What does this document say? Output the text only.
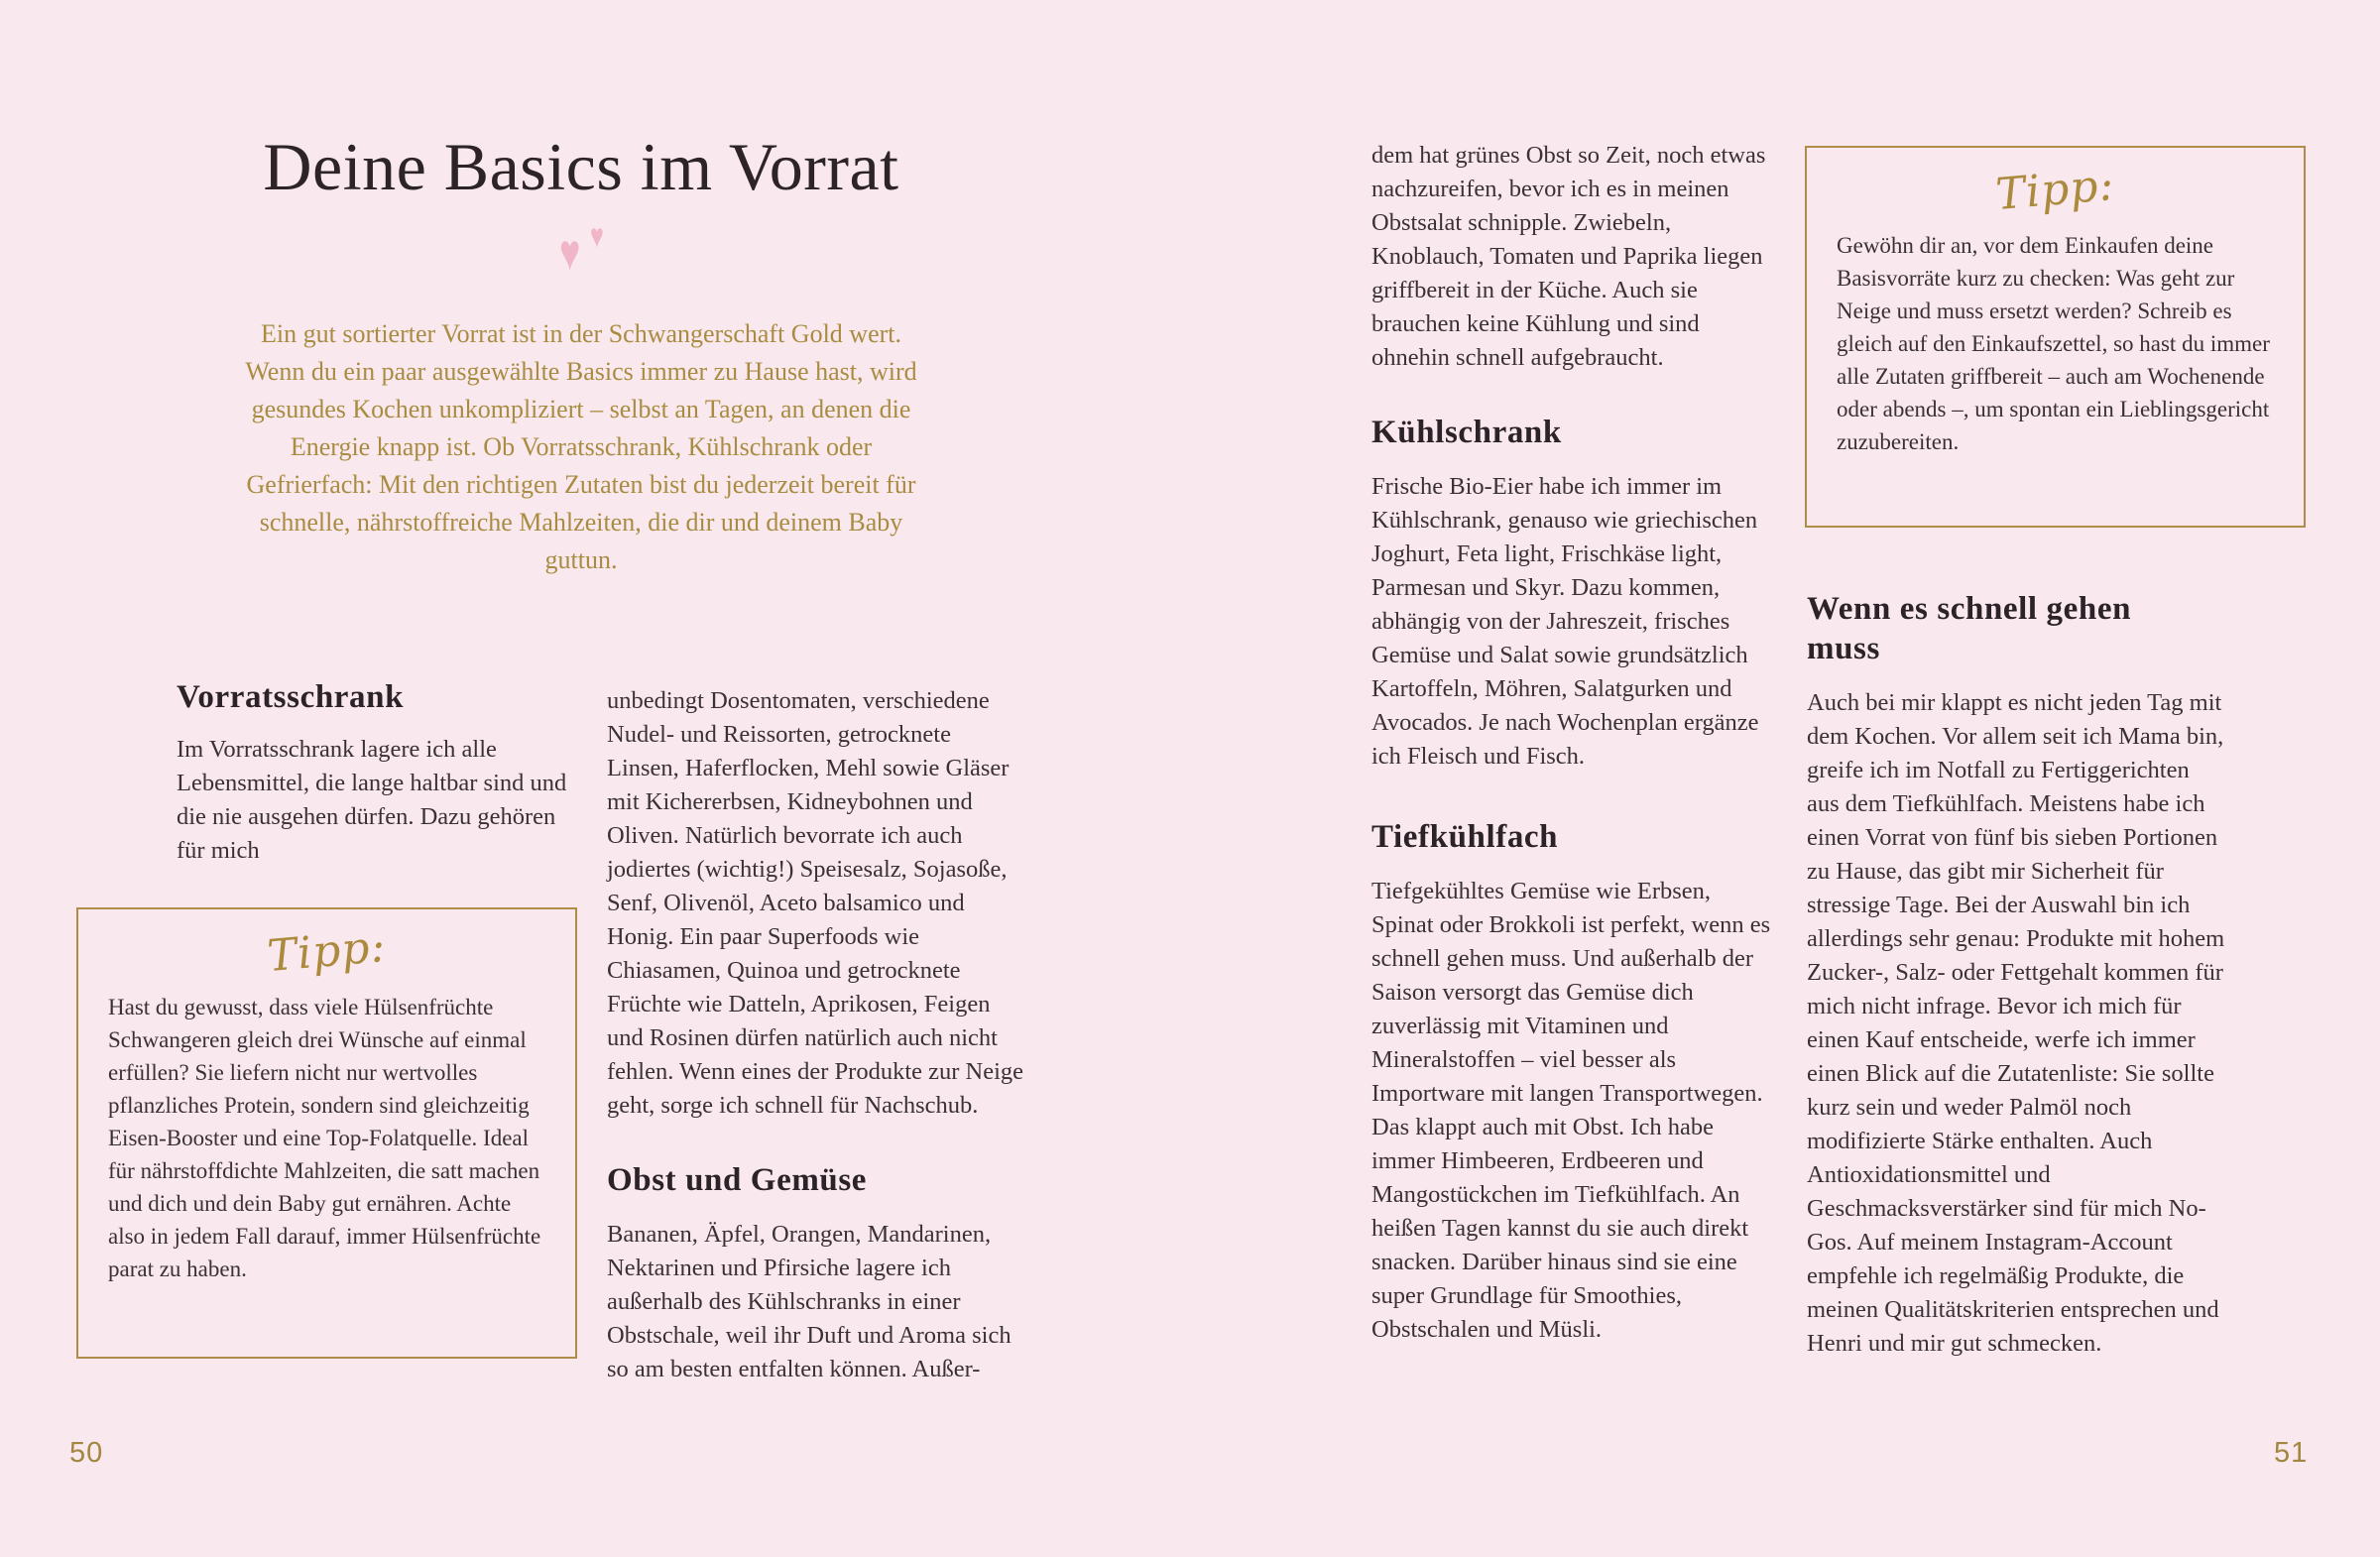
Deine Basics im Vorrat
♥ ♥
Ein gut sortierter Vorrat ist in der Schwangerschaft Gold wert. Wenn du ein paar ausgewählte Basics immer zu Hause hast, wird gesundes Kochen unkompliziert – selbst an Tagen, an denen die Energie knapp ist. Ob Vorratsschrank, Kühlschrank oder Gefrierfach: Mit den richtigen Zutaten bist du jederzeit bereit für schnelle, nährstoffreiche Mahlzeiten, die dir und deinem Baby guttun.
Vorratsschrank

Im Vorratsschrank lagere ich alle Lebensmittel, die lange haltbar sind und die nie ausgehen dürfen. Dazu gehören für mich

unbedingt Dosentomaten, verschiedene Nudel- und Reissorten, getrocknete Linsen, Haferflocken, Mehl sowie Gläser mit Kichererbsen, Kidneybohnen und Oliven. Natürlich bevorrate ich auch jodiertes (wichtig!) Speisesalz, Sojasoße, Senf, Olivenöl, Aceto balsamico und Honig. Ein paar Superfoods wie Chiasamen, Quinoa und getrocknete Früchte wie Datteln, Aprikosen, Feigen und Rosinen dürfen natürlich auch nicht fehlen. Wenn eines der Produkte zur Neige geht, sorge ich schnell für Nachschub.

Obst und Gemüse

Bananen, Äpfel, Orangen, Mandarinen, Nektarinen und Pfirsiche lagere ich außerhalb des Kühlschranks in einer Obstschale, weil ihr Duft und Aroma sich so am besten entfalten können. Außer-

Tipp:

Hast du gewusst, dass viele Hülsenfrüchte Schwangeren gleich drei Wünsche auf einmal erfüllen? Sie liefern nicht nur wertvolles pflanzliches Protein, sondern sind gleichzeitig Eisen-Booster und eine Top-Folatquelle. Ideal für nährstoffdichte Mahlzeiten, die satt machen und dich und dein Baby gut ernähren. Achte also in jedem Fall darauf, immer Hülsenfrüchte parat zu haben.

50

dem hat grünes Obst so Zeit, noch etwas nachzureifen, bevor ich es in meinen Obstsalat schnipple. Zwiebeln, Knoblauch, Tomaten und Paprika liegen griffbereit in der Küche. Auch sie brauchen keine Kühlung und sind ohnehin schnell aufgebraucht.

Kühlschrank

Frische Bio-Eier habe ich immer im Kühlschrank, genauso wie griechischen Joghurt, Feta light, Frischkäse light, Parmesan und Skyr. Dazu kommen, abhängig von der Jahreszeit, frisches Gemüse und Salat sowie grundsätzlich Kartoffeln, Möhren, Salatgurken und Avocados. Je nach Wochenplan ergänze ich Fleisch und Fisch.

Tiefkühlfach

Tiefgekühltes Gemüse wie Erbsen, Spinat oder Brokkoli ist perfekt, wenn es schnell gehen muss. Und außerhalb der Saison versorgt das Gemüse dich zuverlässig mit Vitaminen und Mineralstoffen – viel besser als Importware mit langen Transportwegen. Das klappt auch mit Obst. Ich habe immer Himbeeren, Erdbeeren und Mangostückchen im Tiefkühlfach. An heißen Tagen kannst du sie auch direkt snacken. Darüber hinaus sind sie eine super Grundlage für Smoothies, Obstschalen und Müsli.

Tipp:

Gewöhn dir an, vor dem Einkaufen deine Basisvorräte kurz zu checken: Was geht zur Neige und muss ersetzt werden? Schreib es gleich auf den Einkaufszettel, so hast du immer alle Zutaten griffbereit – auch am Wochenende oder abends –, um spontan ein Lieblingsgericht zuzubereiten.

Wenn es schnell gehen muss

Auch bei mir klappt es nicht jeden Tag mit dem Kochen. Vor allem seit ich Mama bin, greife ich im Notfall zu Fertiggerichten aus dem Tiefkühlfach. Meistens habe ich einen Vorrat von fünf bis sieben Portionen zu Hause, das gibt mir Sicherheit für stressige Tage. Bei der Auswahl bin ich allerdings sehr genau: Produkte mit hohem Zucker-, Salz- oder Fettgehalt kommen für mich nicht infrage. Bevor ich mich für einen Kauf entscheide, werfe ich immer einen Blick auf die Zutatenliste: Sie sollte kurz sein und weder Palmöl noch modifizierte Stärke enthalten. Auch Antioxidationsmittel und Geschmacksverstärker sind für mich No-Gos. Auf meinem Instagram-Account empfehle ich regelmäßig Produkte, die meinen Qualitätskriterien entsprechen und Henri und mir gut schmecken.

51
